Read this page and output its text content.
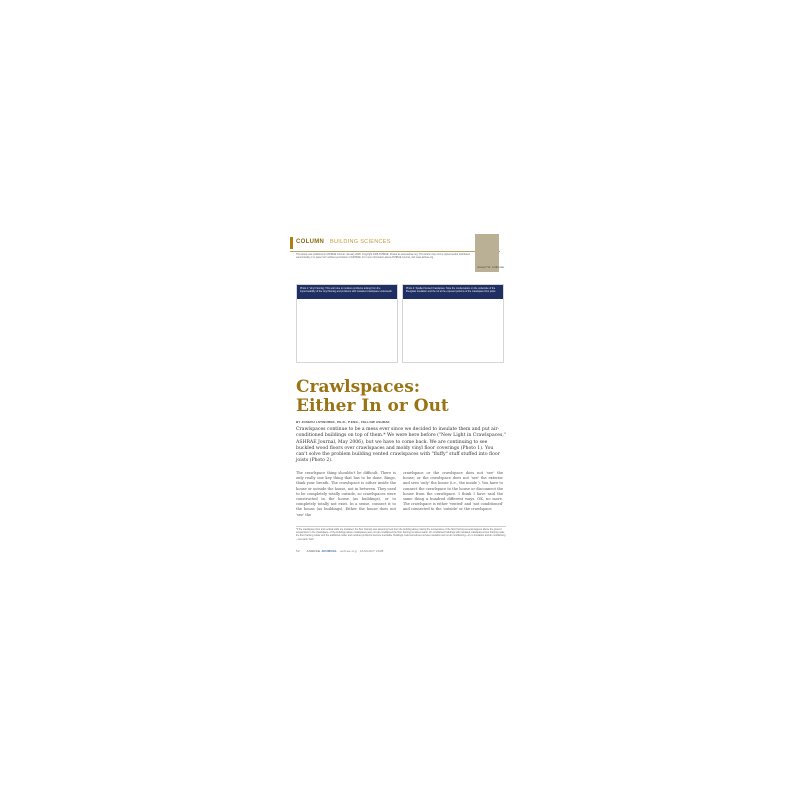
COLUMN BUILDING SCIENCES
Joseph W. Lstiburek
This article was published in ASHRAE Journal, January 2008. Copyright 2008 ASHRAE. Posted at www.ashrae.org. This article may not be copied and/or distributed electronically or in paper form without permission of ASHRAE. For more information about ASHRAE Journal, visit www.ashrae.org.
Photo 1: Vinyl Flooring: This work due to moisture problems arising from the impermeability of the vinyl flooring and problems with insulated crawlspace underneath.
Photo 2: Spalled Vented Crawlspace: Note the condensation on the underside of the fiberglass insulation and the rot at the exposed portions of the crawlspace floor joists.
Crawlspaces:
Either In or Out
BY JOSEPH LSTIBUREK, PH.D., P.ENG., FELLOW ASHRAE
Crawlspaces continue to be a mess ever since we decided to insulate them and put air-conditioned buildings on top of them.* We were here before ("New Light in Crawlspaces," ASHRAE Journal, May 2006), but we have to come back. We are continuing to see buckled wood floors over crawlspaces and moldy vinyl floor coverings (Photo 1). You can't solve the problem building vented crawlspaces with "fluffy" stuff stuffed into floor joists (Photo 2).
The crawlspace thing shouldn't be difficult. There is only really one key thing that has to be done. Bingo, think your breath. The crawlspace is either inside the house or outside the house, not in between. They used to be completely totally outside, so crawlspaces were constructed in the house (as buildings), or to completely totally not exist. In a sense, connect it to the house (as buildings). Either the house does not 'see' the
crawlspace or the crawlspace does not 'see' the house; or the crawlspace does not 'see' the exterior and sees 'only' the house (i.e., the inside ). You have to connect the crawlspace to the house or disconnect the house from the crawlspace. I think I have said the same thing a hundred different ways. OK, no more. The crawlspace is either 'vented' and 'not conditioned' and connected to the 'outside' or the crawlspace
*If the crawlspace floor and vertical walls are insulated, the floor framing was assuming heat from the building above raising the temperature of the floor framing several degrees above the ground temperature in the crawlspace—if the buildings above crawlspaces were not air conditioned the floor framing remained warm. Air conditioned buildings with insulated crawlspaces floor framing make the floor framing colder and the additional colder and moisture problems become inevitable. Buildings could sometimes survive insulation and no air conditioning—or no insulation and air conditioning—but rarely both.
52 ASHRAE JOURNAL ashrae.org JANUARY 2008
